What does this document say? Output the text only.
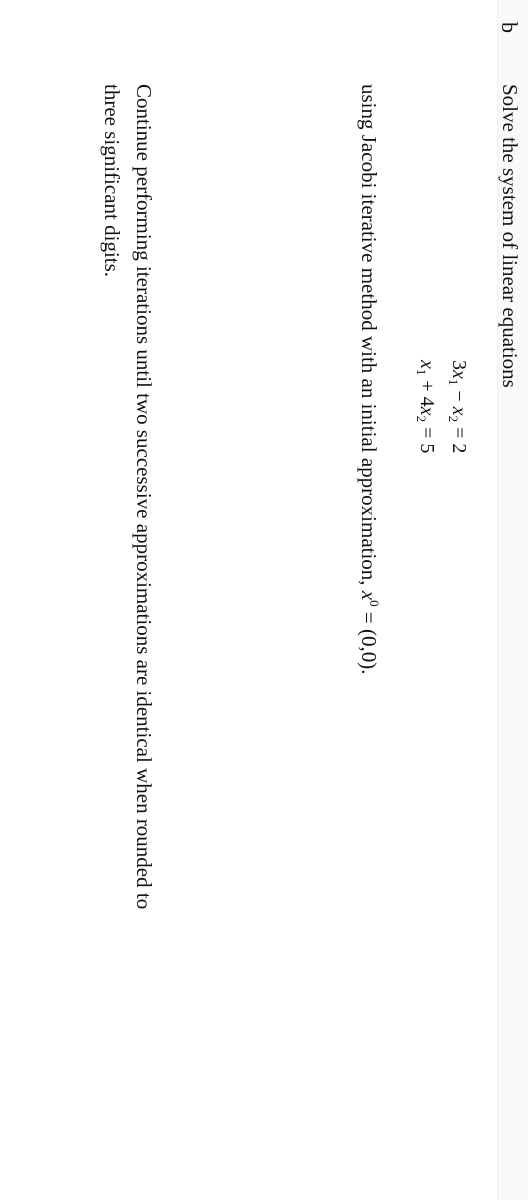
b
Solve the system of linear equations
$3x_1 - x_2 = 2$
$x_1 + 4x_2 = 5$
using Jacobi iterative method with an initial approximation, $x^0 = (0,0)$.
Continue performing iterations until two successive approximations are identical when rounded to
three significant digits.
